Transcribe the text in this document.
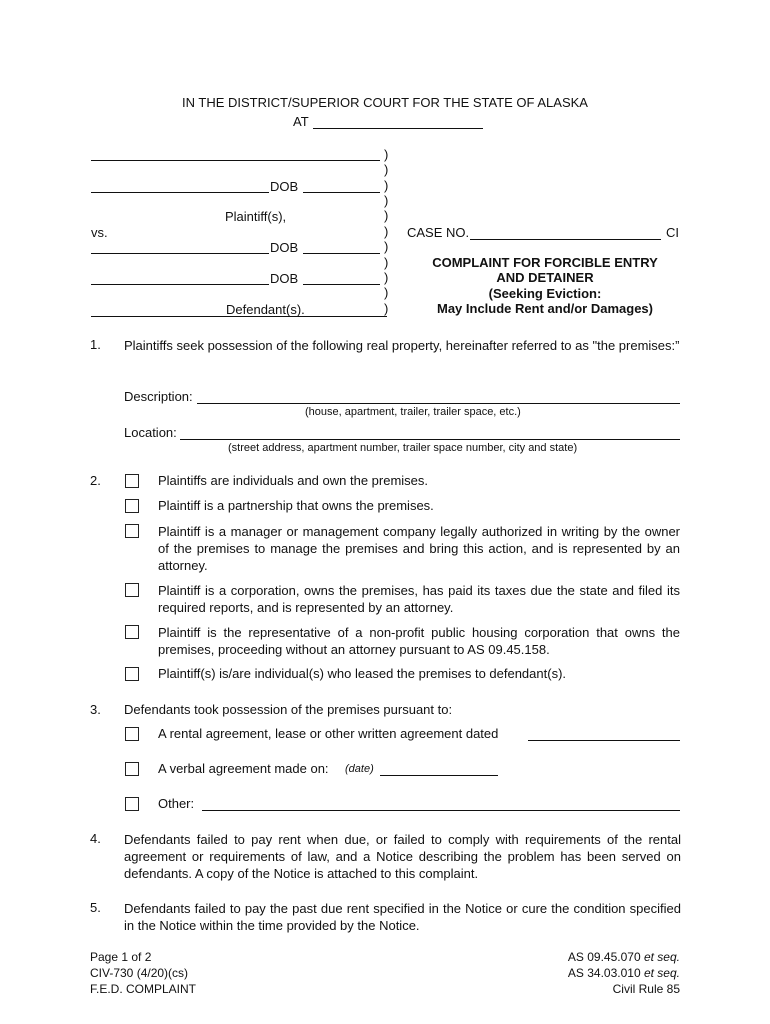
IN THE DISTRICT/SUPERIOR COURT FOR THE STATE OF ALASKA
AT
DOB
Plaintiff(s),
vs.
DOB
DOB
Defendant(s).
)
)
)
)
)
)
)
)
)
)
)
CASE NO.	CI
COMPLAINT FOR FORCIBLE ENTRY
AND DETAINER
(Seeking Eviction:
May Include Rent and/or Damages)
1. Plaintiffs seek possession of the following real property, hereinafter referred to as "the premises:”
Description:
(house, apartment, trailer, trailer space, etc.)
Location:
(street address, apartment number, trailer space number, city and state)
2.	Plaintiffs are individuals and own the premises.
Plaintiff is a partnership that owns the premises.
Plaintiff is a manager or management company legally authorized in writing by the owner of the premises to manage the premises and bring this action, and is represented by an attorney.
Plaintiff is a corporation, owns the premises, has paid its taxes due the state and filed its required reports, and is represented by an attorney.
Plaintiff is the representative of a non-profit public housing corporation that owns the premises, proceeding without an attorney pursuant to AS 09.45.158.
Plaintiff(s) is/are individual(s) who leased the premises to defendant(s).
3. Defendants took possession of the premises pursuant to:
A rental agreement, lease or other written agreement dated
A verbal agreement made on: (date)
Other:
4. Defendants failed to pay rent when due, or failed to comply with requirements of the rental agreement or requirements of law, and a Notice describing the problem has been served on defendants. A copy of the Notice is attached to this complaint.
5. Defendants failed to pay the past due rent specified in the Notice or cure the condition specified in the Notice within the time provided by the Notice.
Page 1 of 2
CIV-730 (4/20)(cs)
F.E.D. COMPLAINT
AS 09.45.070 et seq.
AS 34.03.010 et seq.
Civil Rule 85
